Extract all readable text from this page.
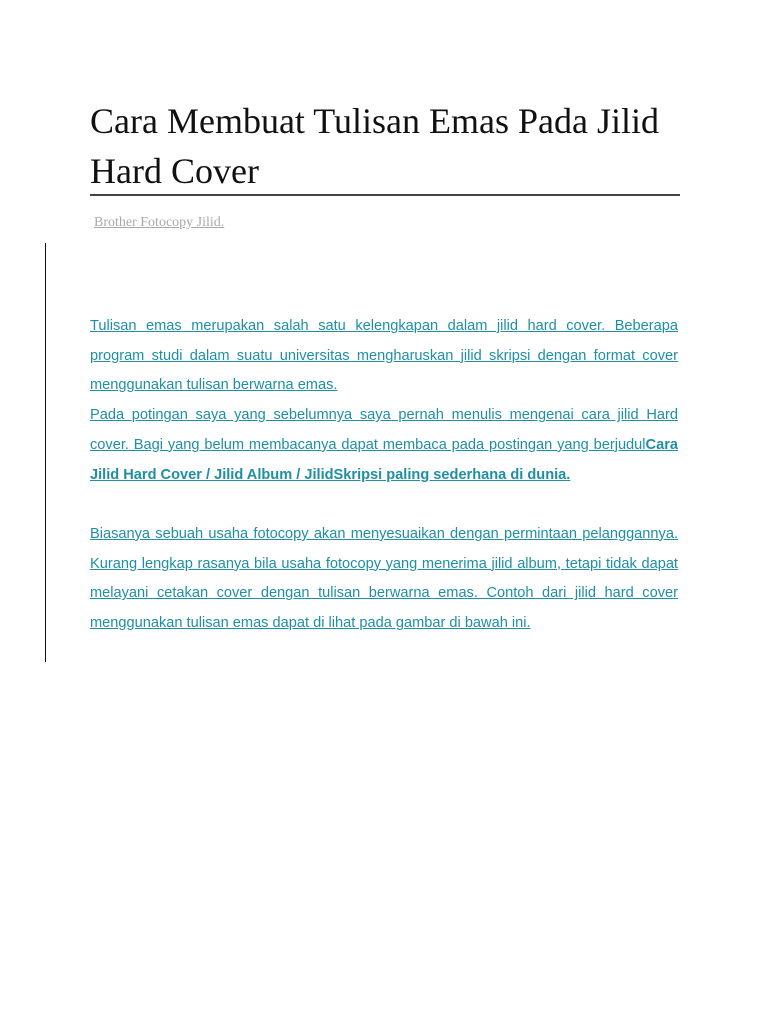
Cara Membuat Tulisan Emas Pada Jilid Hard Cover
Brother Fotocopy Jilid.

Tulisan emas merupakan salah satu kelengkapan dalam jilid hard cover. Beberapa program studi dalam suatu universitas mengharuskan jilid skripsi dengan format cover menggunakan tulisan berwarna emas.

Pada potingan saya yang sebelumnya saya pernah menulis mengenai cara jilid Hard cover. Bagi yang belum membacanya dapat membaca pada postingan yang berjudulCara Jilid Hard Cover / Jilid Album / JilidSkripsi paling sederhana di dunia.

Biasanya sebuah usaha fotocopy akan menyesuaikan dengan permintaan pelanggannya. Kurang lengkap rasanya bila usaha fotocopy yang menerima jilid album, tetapi tidak dapat melayani cetakan cover dengan tulisan berwarna emas. Contoh dari jilid hard cover menggunakan tulisan emas dapat di lihat pada gambar di bawah ini.
